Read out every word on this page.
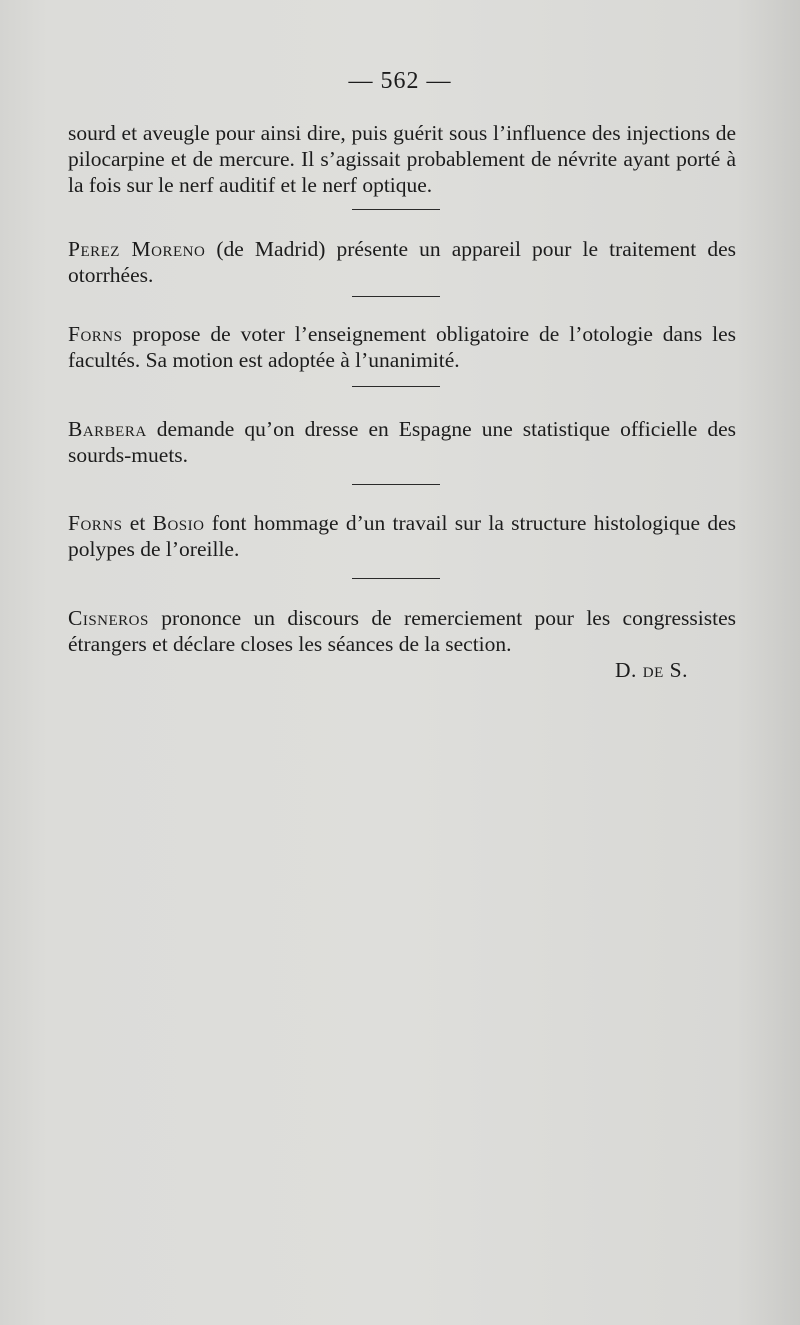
— 562 —
sourd et aveugle pour ainsi dire, puis guérit sous l’influence des injections de pilocarpine et de mercure. Il s’agissait probablement de névrite ayant porté à la fois sur le nerf auditif et le nerf optique.
Perez Moreno (de Madrid) présente un appareil pour le traitement des otorrhées.
Forns propose de voter l’enseignement obligatoire de l’otologie dans les facultés. Sa motion est adoptée à l’unanimité.
Barbera demande qu’on dresse en Espagne une statistique officielle des sourds-muets.
Forns et Bosio font hommage d’un travail sur la structure histologique des polypes de l’oreille.
Cisneros prononce un discours de remerciement pour les congressistes étrangers et déclare closes les séances de la section.
D. de S.
